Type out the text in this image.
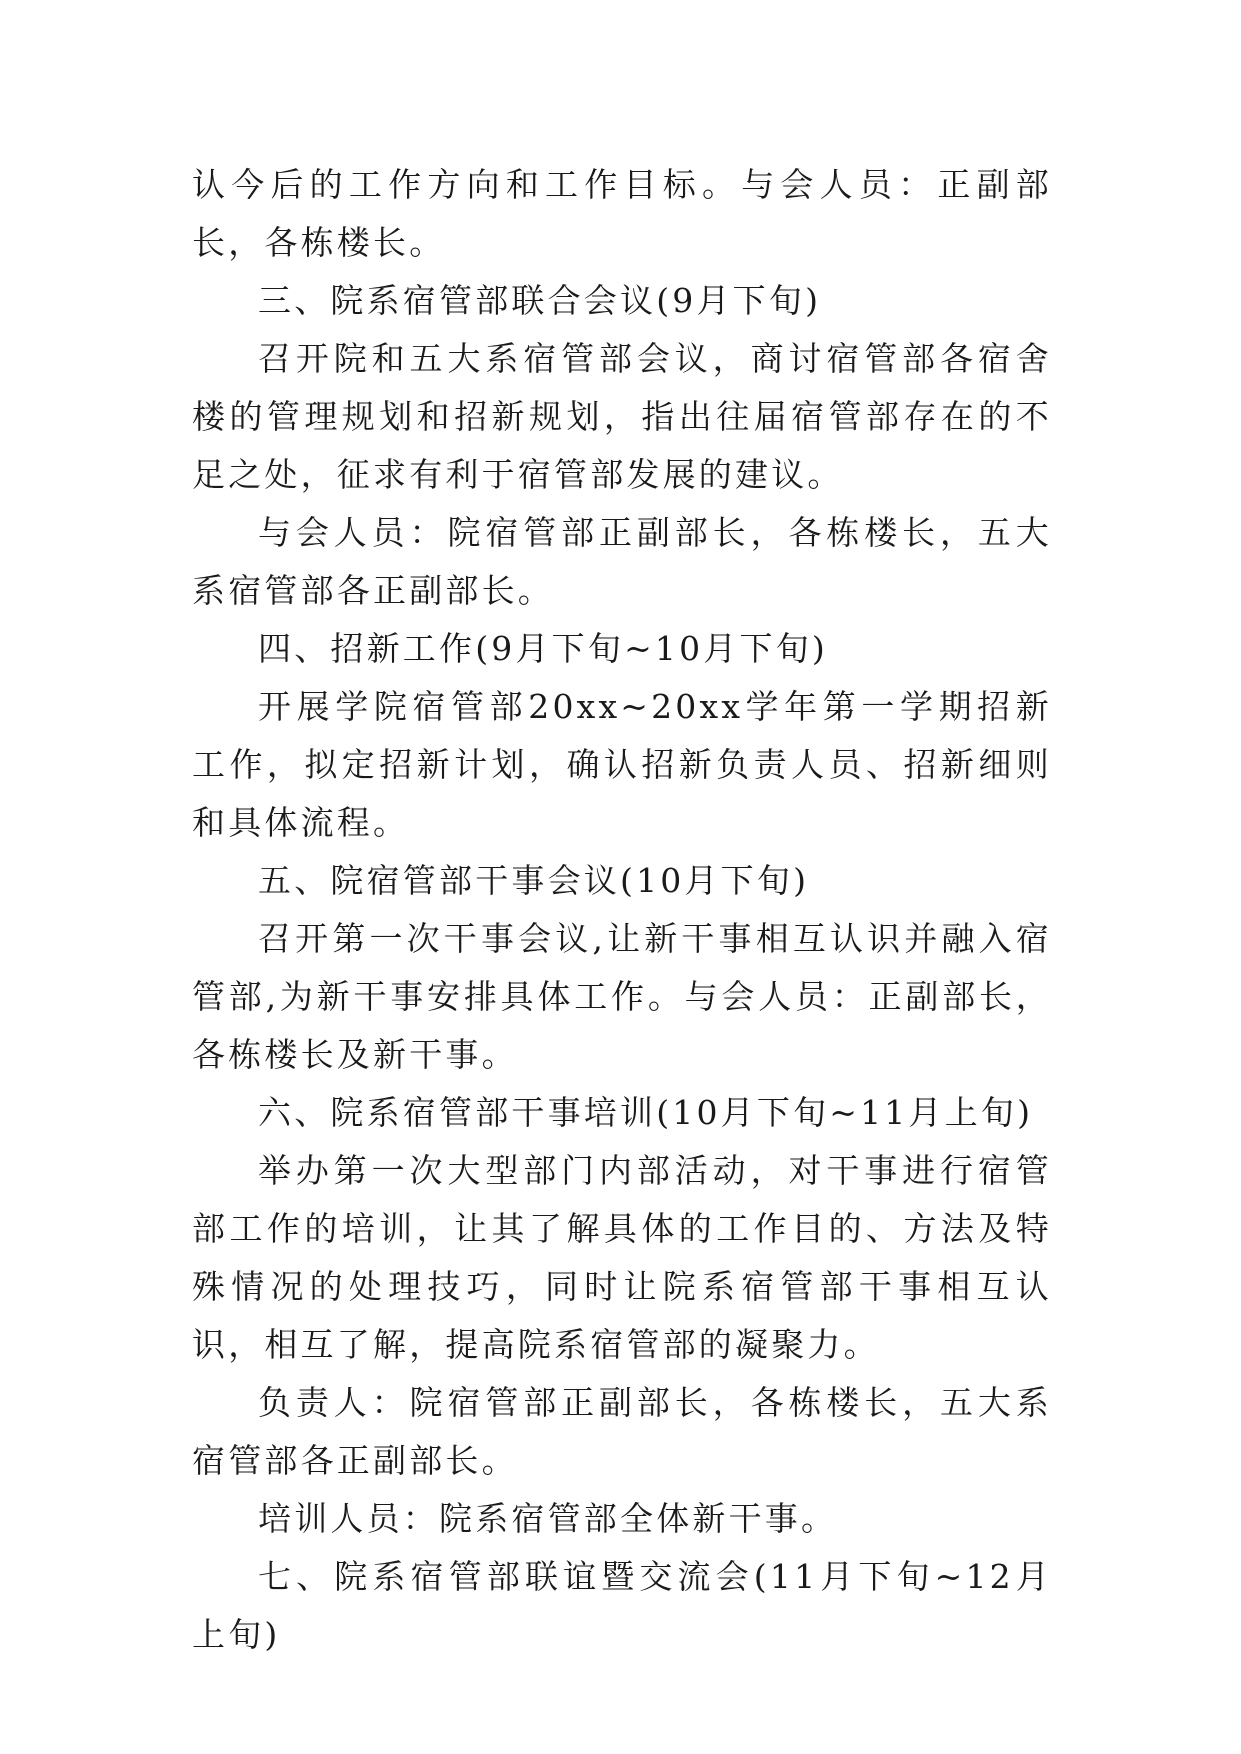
认今后的工作方向和工作目标。与会人员：正副部长，各栋楼长。

三、院系宿管部联合会议(9月下旬)

召开院和五大系宿管部会议，商讨宿管部各宿舍楼的管理规划和招新规划，指出往届宿管部存在的不足之处，征求有利于宿管部发展的建议。

与会人员：院宿管部正副部长，各栋楼长，五大系宿管部各正副部长。

四、招新工作(9月下旬~10月下旬)

开展学院宿管部20xx~20xx学年第一学期招新工作，拟定招新计划，确认招新负责人员、招新细则和具体流程。

五、院宿管部干事会议(10月下旬)

召开第一次干事会议,让新干事相互认识并融入宿管部,为新干事安排具体工作。与会人员：正副部长，各栋楼长及新干事。

六、院系宿管部干事培训(10月下旬~11月上旬)

举办第一次大型部门内部活动，对干事进行宿管部工作的培训，让其了解具体的工作目的、方法及特殊情况的处理技巧，同时让院系宿管部干事相互认识，相互了解，提高院系宿管部的凝聚力。

负责人：院宿管部正副部长，各栋楼长，五大系宿管部各正副部长。

培训人员：院系宿管部全体新干事。

七、院系宿管部联谊暨交流会(11月下旬~12月上旬)
